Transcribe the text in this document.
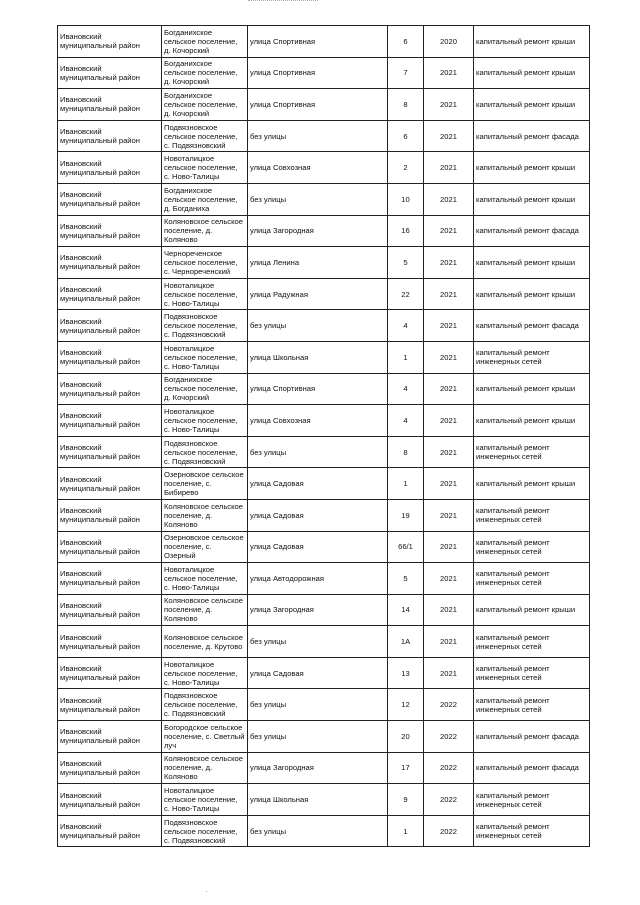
·
Ивановский муниципальный район	Богданихское сельское поселение, д. Кочорский	улица Спортивная	6	2020	капитальный ремонт крыши
Ивановский муниципальный район	Богданихское сельское поселение, д. Кочорский	улица Спортивная	7	2021	капитальный ремонт крыши
Ивановский муниципальный район	Богданихское сельское поселение, д. Кочорский	улица Спортивная	8	2021	капитальный ремонт крыши
Ивановский муниципальный район	Подвязновское сельское поселение, с. Подвязновский	без улицы	6	2021	капитальный ремонт фасада
Ивановский муниципальный район	Новоталицкое сельское поселение, с. Ново-Талицы	улица Совхозная	2	2021	капитальный ремонт крыши
Ивановский муниципальный район	Богданихское сельское поселение, д. Богданиха	без улицы	10	2021	капитальный ремонт крыши
Ивановский муниципальный район	Коляновское сельское поселение, д. Коляново	улица Загородная	16	2021	капитальный ремонт фасада
Ивановский муниципальный район	Чернореченское сельское поселение, с. Чернореченский	улица Ленина	5	2021	капитальный ремонт крыши
Ивановский муниципальный район	Новоталицкое сельское поселение, с. Ново-Талицы	улица Радужная	22	2021	капитальный ремонт крыши
Ивановский муниципальный район	Подвязновское сельское поселение, с. Подвязновский	без улицы	4	2021	капитальный ремонт фасада
Ивановский муниципальный район	Новоталицкое сельское поселение, с. Ново-Талицы	улица Школьная	1	2021	капитальный ремонт инженерных сетей
Ивановский муниципальный район	Богданихское сельское поселение, д. Кочорский	улица Спортивная	4	2021	капитальный ремонт крыши
Ивановский муниципальный район	Новоталицкое сельское поселение, с. Ново-Талицы	улица Совхозная	4	2021	капитальный ремонт крыши
Ивановский муниципальный район	Подвязновское сельское поселение, с. Подвязновский	без улицы	8	2021	капитальный ремонт инженерных сетей
Ивановский муниципальный район	Озерновское сельское поселение, с. Бибирево	улица Садовая	1	2021	капитальный ремонт крыши
Ивановский муниципальный район	Коляновское сельское поселение, д. Коляново	улица Садовая	19	2021	капитальный ремонт инженерных сетей
Ивановский муниципальный район	Озерновское сельское поселение, с. Озерный	улица Садовая	66/1	2021	капитальный ремонт инженерных сетей
Ивановский муниципальный район	Новоталицкое сельское поселение, с. Ново-Талицы	улица Автодорожная	5	2021	капитальный ремонт инженерных сетей
Ивановский муниципальный район	Коляновское сельское поселение, д. Коляново	улица Загородная	14	2021	капитальный ремонт крыши
Ивановский муниципальный район	Коляновское сельское поселение, д. Крутово	без улицы	1А	2021	капитальный ремонт инженерных сетей
Ивановский муниципальный район	Новоталицкое сельское поселение, с. Ново-Талицы	улица Садовая	13	2021	капитальный ремонт инженерных сетей
Ивановский муниципальный район	Подвязновское сельское поселение, с. Подвязновский	без улицы	12	2022	капитальный ремонт инженерных сетей
Ивановский муниципальный район	Богородское сельское поселение, с. Светлый луч	без улицы	20	2022	капитальный ремонт фасада
Ивановский муниципальный район	Коляновское сельское поселение, д. Коляново	улица Загородная	17	2022	капитальный ремонт фасада
Ивановский муниципальный район	Новоталицкое сельское поселение, с. Ново-Талицы	улица Школьная	9	2022	капитальный ремонт инженерных сетей
Ивановский муниципальный район	Подвязновское сельское поселение, с. Подвязновский	без улицы	1	2022	капитальный ремонт инженерных сетей
